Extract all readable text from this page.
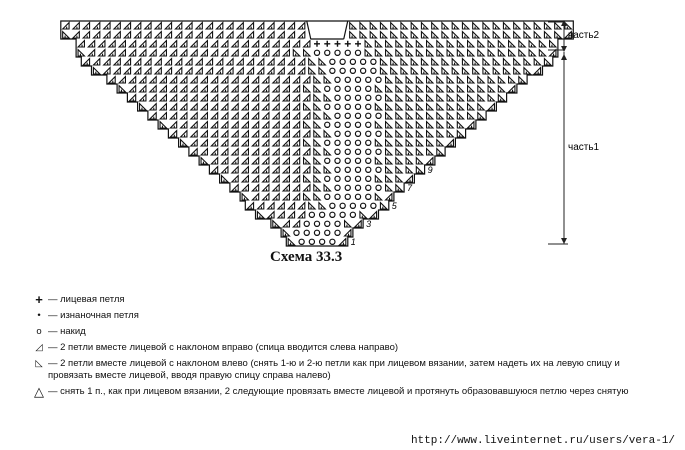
1
3
5
7
9
часть2
часть1
Схема 33.3
+ — лицевая петля
• — изнаночная петля
o — накид
◿ — 2 петли вместе лицевой с наклоном вправо (спица вводится слева направо)
◺ — 2 петли вместе лицевой с наклоном влево (снять 1-ю и 2-ю петли как при лицевом вязании, затем надеть их на левую спицу и провязать вместе лицевой, вводя правую спицу справа налево)
△ — снять 1 п., как при лицевом вязании, 2 следующие провязать вместе лицевой и протянуть образовавшуюся петлю через снятую
http://www.liveinternet.ru/users/vera-1/
